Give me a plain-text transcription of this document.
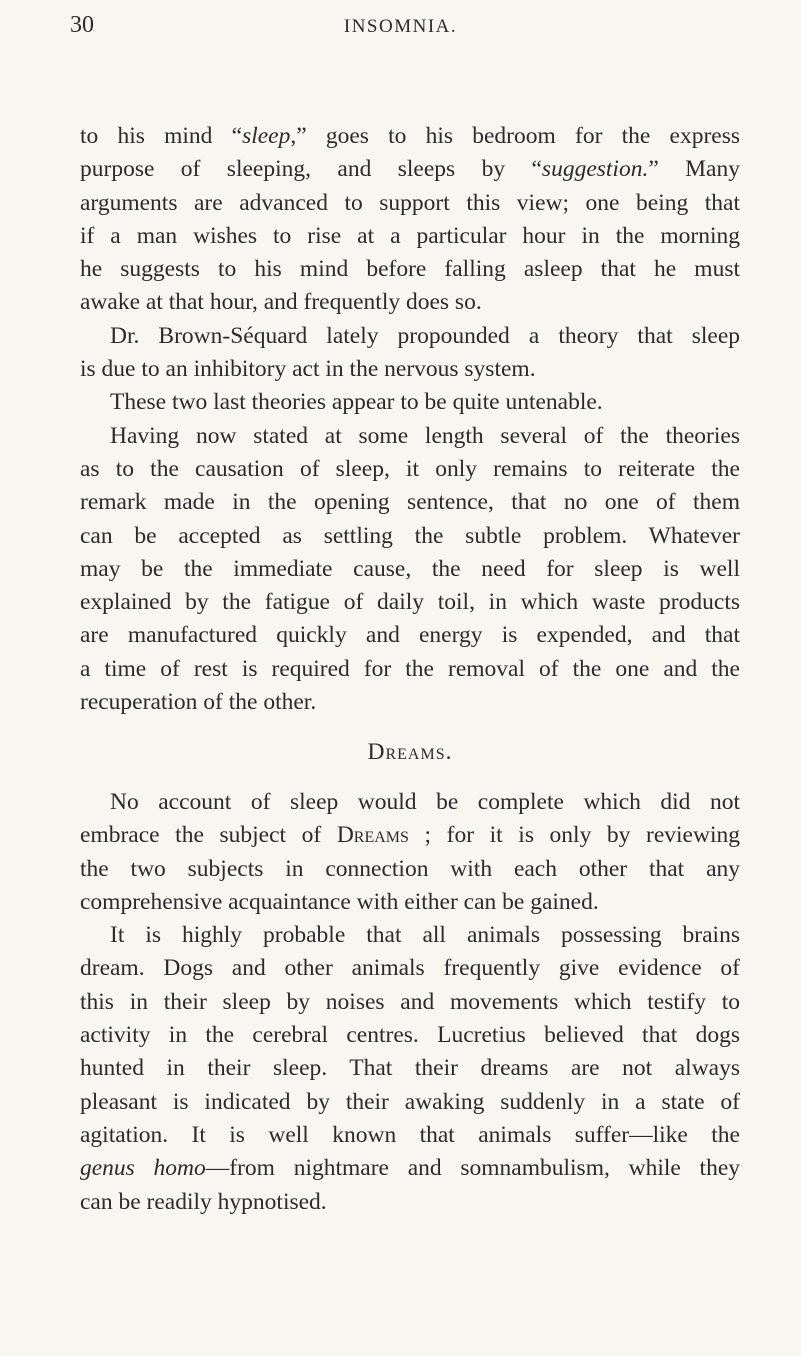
30	INSOMNIA.
to his mind “sleep,” goes to his bedroom for the express
purpose of sleeping, and sleeps by “suggestion.” Many
arguments are advanced to support this view; one being that
if a man wishes to rise at a particular hour in the morning
he suggests to his mind before falling asleep that he must
awake at that hour, and frequently does so.
Dr. Brown-Séquard lately propounded a theory that sleep
is due to an inhibitory act in the nervous system.
These two last theories appear to be quite untenable.
Having now stated at some length several of the theories
as to the causation of sleep, it only remains to reiterate the
remark made in the opening sentence, that no one of them
can be accepted as settling the subtle problem. Whatever
may be the immediate cause, the need for sleep is well
explained by the fatigue of daily toil, in which waste products
are manufactured quickly and energy is expended, and that
a time of rest is required for the removal of the one and the
recuperation of the other.
Dreams.
No account of sleep would be complete which did not
embrace the subject of Dreams ; for it is only by reviewing
the two subjects in connection with each other that any
comprehensive acquaintance with either can be gained.
It is highly probable that all animals possessing brains
dream. Dogs and other animals frequently give evidence of
this in their sleep by noises and movements which testify to
activity in the cerebral centres. Lucretius believed that dogs
hunted in their sleep. That their dreams are not always
pleasant is indicated by their awaking suddenly in a state of
agitation. It is well known that animals suffer—like the
genus homo—from nightmare and somnambulism, while they
can be readily hypnotised.
